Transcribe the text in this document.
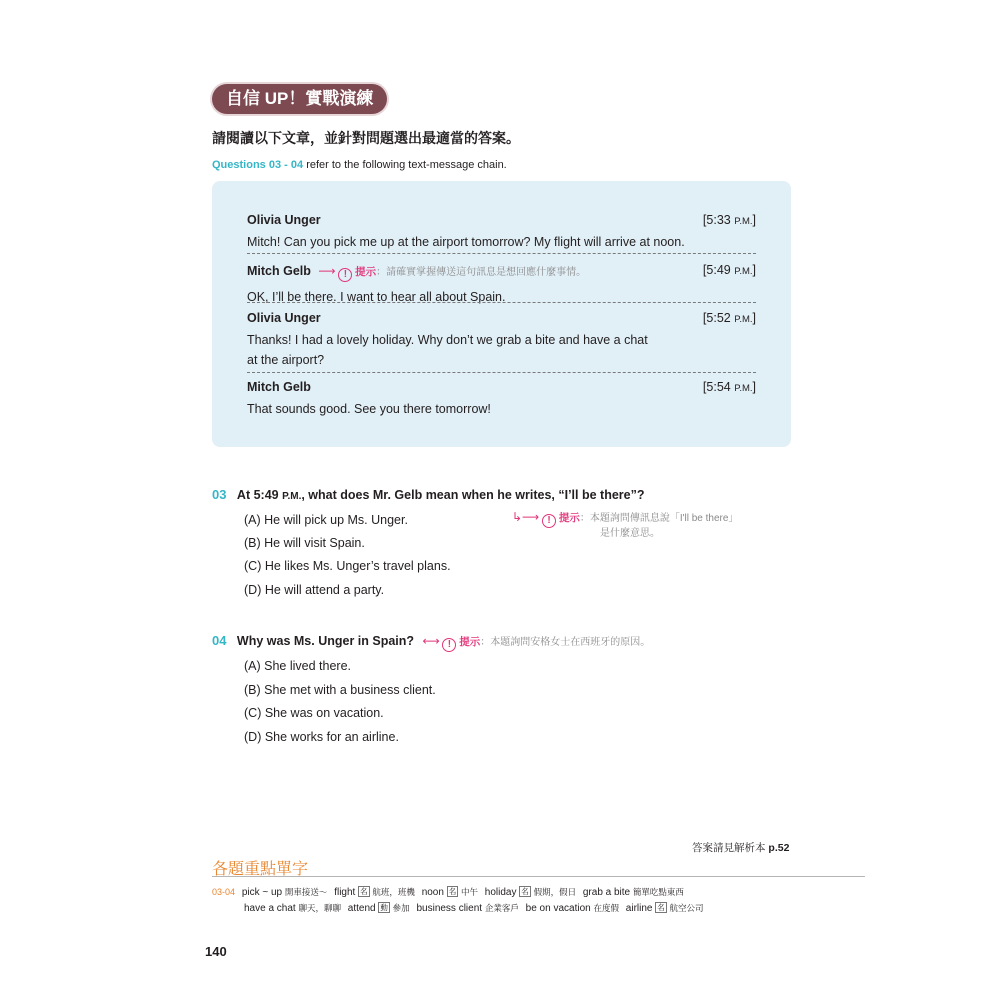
自信 UP！實戰演練
請閱讀以下文章，並針對問題選出最適當的答案。
Questions 03 - 04 refer to the following text-message chain.
Olivia Unger	[5:33 P.M.]
Mitch! Can you pick me up at the airport tomorrow? My flight will arrive at noon.
Mitch Gelb ⟶ ! 提示：請確實掌握傳送這句訊息是想回應什麼事情。	[5:49 P.M.]
OK, I’ll be there. I want to hear all about Spain.
Olivia Unger	[5:52 P.M.]
Thanks! I had a lovely holiday. Why don’t we grab a bite and have a chat
at the airport?
Mitch Gelb	[5:54 P.M.]
That sounds good. See you there tomorrow!
03 At 5:49 P.M., what does Mr. Gelb mean when he writes, “I’ll be there”?
(A) He will pick up Ms. Unger.
(B) He will visit Spain.
(C) He likes Ms. Unger’s travel plans.
(D) He will attend a party.
↳⟶ ! 提示：本題詢問傳訊息說「I'll be there」
是什麼意思。
04 Why was Ms. Unger in Spain? ⟷ ! 提示：本題詢問安格女士在西班牙的原因。
(A) She lived there.
(B) She met with a business client.
(C) She was on vacation.
(D) She works for an airline.
答案請見解析本 p.52
各題重點單字
03-04 pick ~ up 開車接送～ flight 名 航班，班機 noon 名 中午 holiday 名 假期，假日 grab a bite 簡單吃點東西
have a chat 聊天，聊聊 attend 動 參加 business client 企業客戶 be on vacation 在度假 airline 名 航空公司
140
